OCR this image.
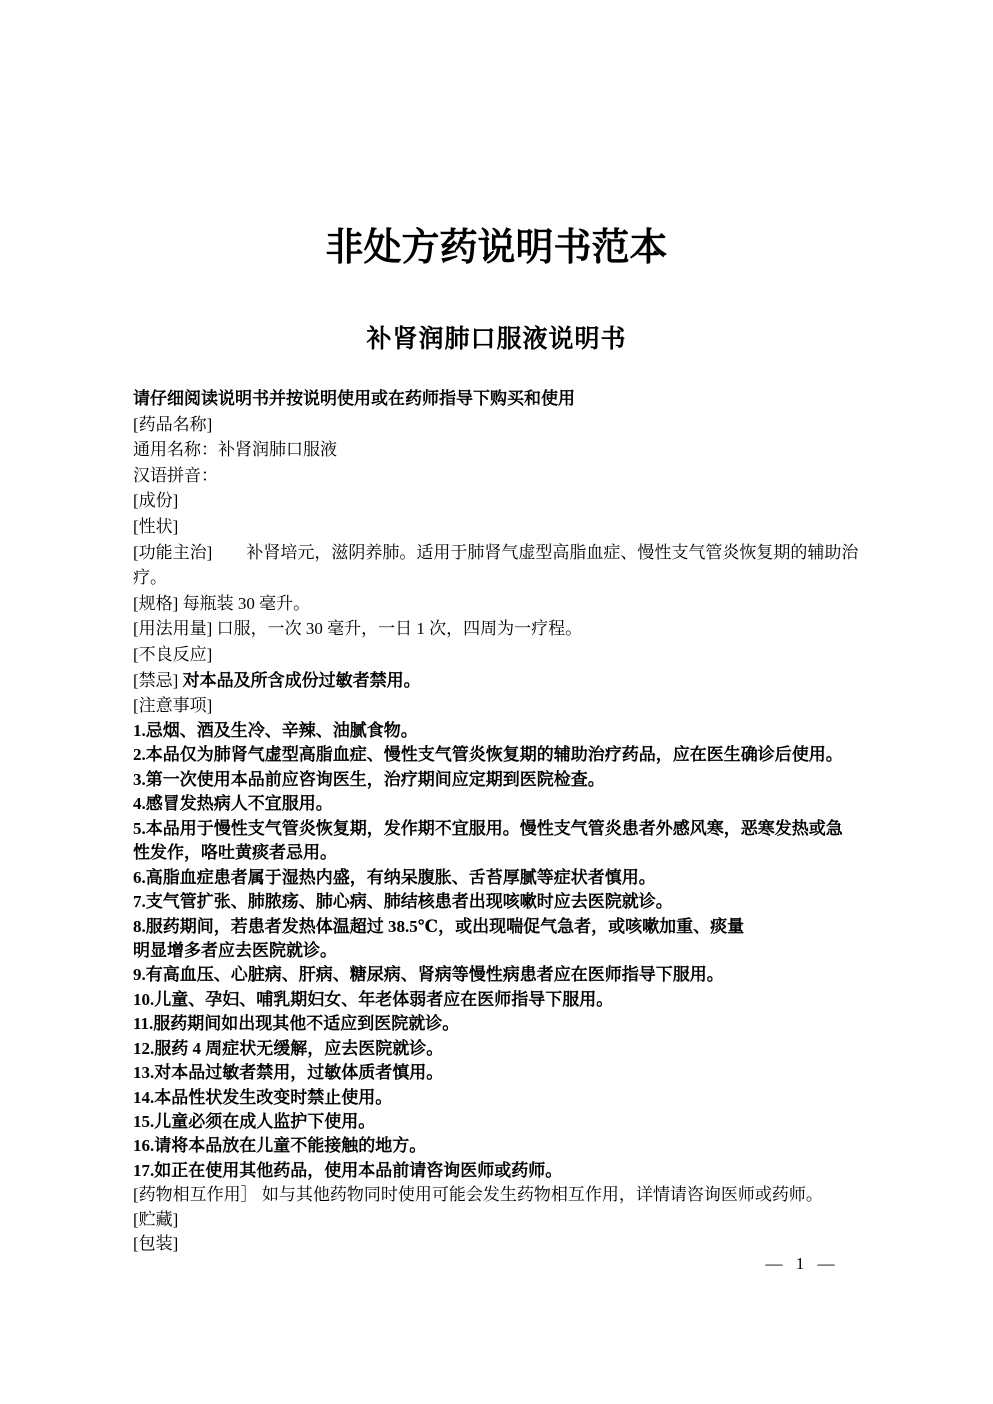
非处方药说明书范本
补肾润肺口服液说明书
请仔细阅读说明书并按说明使用或在药师指导下购买和使用
[药品名称]
通用名称：补肾润肺口服液
汉语拼音：
[成份]
[性状]
[功能主治]　　补肾培元，滋阴养肺。适用于肺肾气虚型高脂血症、慢性支气管炎恢复期的辅助治
疗。
[规格] 每瓶装 30 毫升。
[用法用量] 口服，一次 30 毫升，一日 1 次，四周为一疗程。
[不良反应]
[禁忌] 对本品及所含成份过敏者禁用。
[注意事项]
1.忌烟、酒及生冷、辛辣、油腻食物。
2.本品仅为肺肾气虚型高脂血症、慢性支气管炎恢复期的辅助治疗药品，应在医生确诊后使用。
3.第一次使用本品前应咨询医生，治疗期间应定期到医院检查。
4.感冒发热病人不宜服用。
5.本品用于慢性支气管炎恢复期，发作期不宜服用。慢性支气管炎患者外感风寒，恶寒发热或急
性发作，咯吐黄痰者忌用。
6.高脂血症患者属于湿热内盛，有纳呆腹胀、舌苔厚腻等症状者慎用。
7.支气管扩张、肺脓疡、肺心病、肺结核患者出现咳嗽时应去医院就诊。
8.服药期间，若患者发热体温超过 38.5℃，或出现喘促气急者，或咳嗽加重、痰量
明显增多者应去医院就诊。
9.有高血压、心脏病、肝病、糖尿病、肾病等慢性病患者应在医师指导下服用。
10.儿童、孕妇、哺乳期妇女、年老体弱者应在医师指导下服用。
11.服药期间如出现其他不适应到医院就诊。
12.服药 4 周症状无缓解，应去医院就诊。
13.对本品过敏者禁用，过敏体质者慎用。
14.本品性状发生改变时禁止使用。
15.儿童必须在成人监护下使用。
16.请将本品放在儿童不能接触的地方。
17.如正在使用其他药品，使用本品前请咨询医师或药师。
[药物相互作用］ 如与其他药物同时使用可能会发生药物相互作用，详情请咨询医师或药师。
[贮藏]
[包装]
— 1 —
